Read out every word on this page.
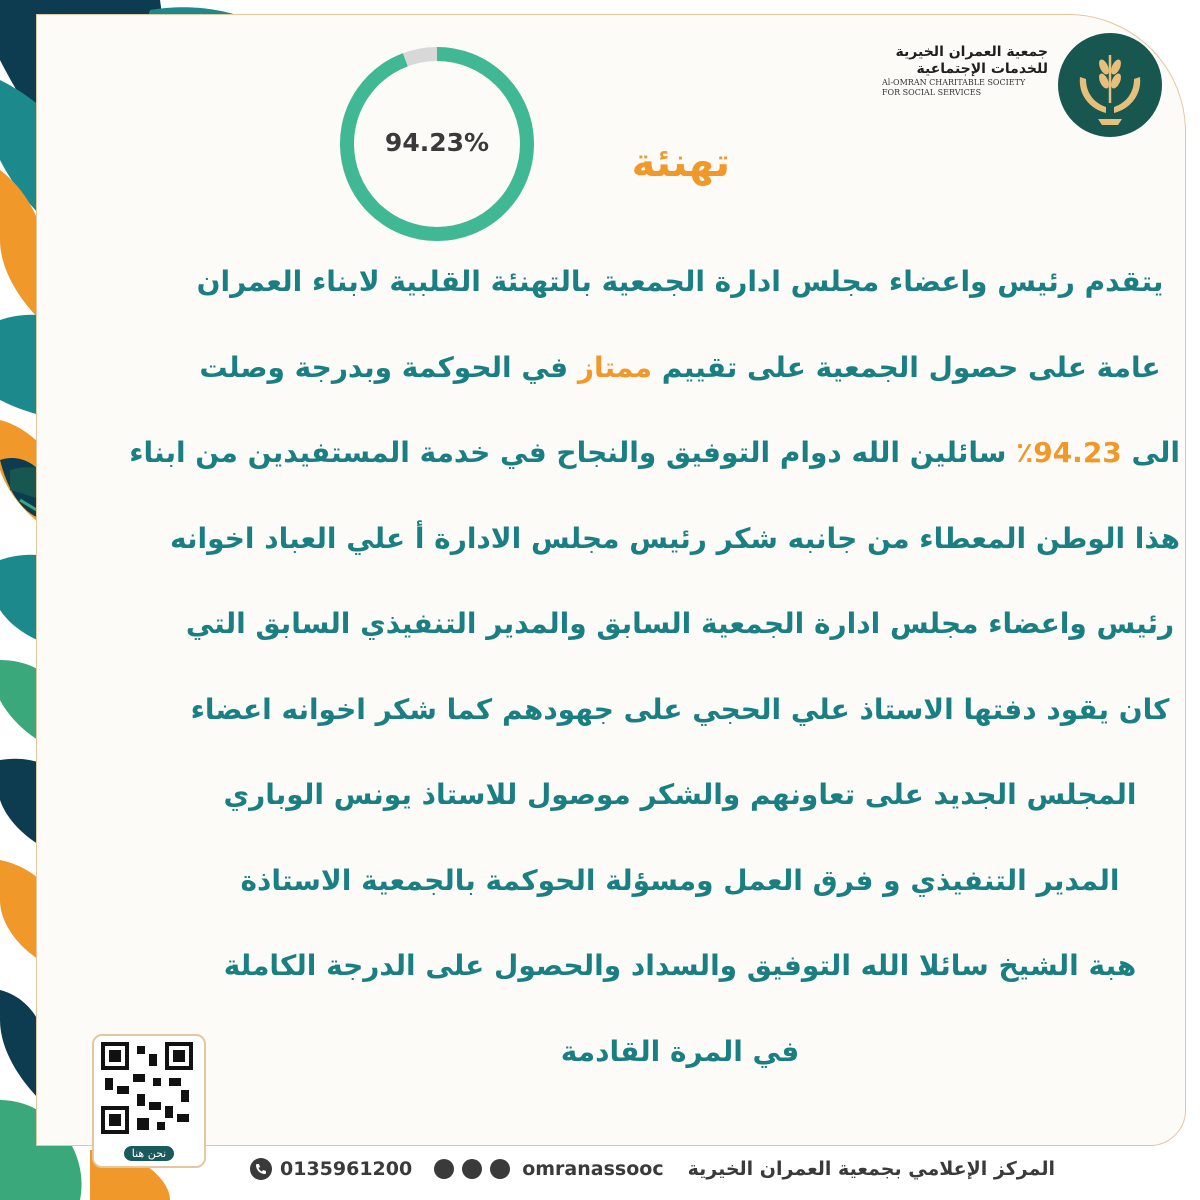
جمعية العمران الخيرية
للخدمات الإجتماعية
Al-OMRAN CHARITABLE SOCIETY
FOR SOCIAL SERVICES
94.23%	تهنئة
يتقدم رئيس واعضاء مجلس ادارة الجمعية بالتهنئة القلبية لابناء العمران
عامة على حصول الجمعية على تقييم ممتاز في الحوكمة وبدرجة وصلت
الى 94.23٪ سائلين الله دوام التوفيق والنجاح في خدمة المستفيدين من ابناء
هذا الوطن المعطاء من جانبه شكر رئيس مجلس الادارة أ علي العباد اخوانه
رئيس واعضاء مجلس ادارة الجمعية السابق والمدير التنفيذي السابق التي
كان يقود دفتها الاستاذ علي الحجي على جهودهم كما شكر اخوانه اعضاء
المجلس الجديد على تعاونهم والشكر موصول للاستاذ يونس الوباري
المدير التنفيذي و فرق العمل ومسؤلة الحوكمة بالجمعية الاستاذة
هبة الشيخ سائلا الله التوفيق والسداد والحصول على الدرجة الكاملة
في المرة القادمة
نحن هنا
0135961200	omranassooc المركز الإعلامي بجمعية العمران الخيرية
